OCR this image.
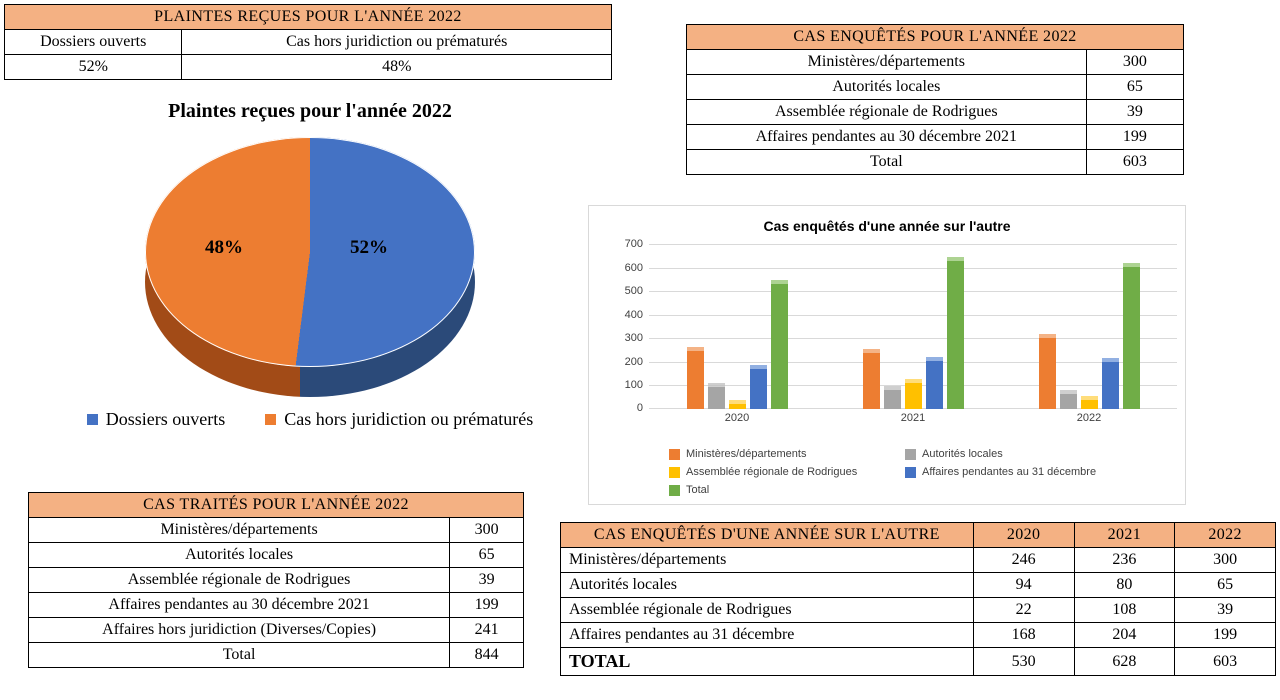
PLAINTES REÇUES POUR L'ANNÉE 2022	
Dossiers ouverts	Cas hors juridiction ou prématurés
52%	48%
Plaintes reçues pour l'année 2022
48%	52%
Dossiers ouverts	Cas hors juridiction ou prématurés
CAS ENQUÊTÉS POUR L'ANNÉE 2022	
Ministères/départements	300
Autorités locales	65
Assemblée régionale de Rodrigues	39
Affaires pendantes au 30 décembre 2021	199
Total	603
Cas enquêtés d'une année sur l'autre
0
100
200
300
400
500
600
700
2020	2021	2022
Ministères/départements	Autorités locales
Assemblée régionale de Rodrigues	Affaires pendantes au 31 décembre
Total
CAS TRAITÉS POUR L'ANNÉE 2022	
Ministères/départements	300
Autorités locales	65
Assemblée régionale de Rodrigues	39
Affaires pendantes au 30 décembre 2021	199
Affaires hors juridiction (Diverses/Copies)	241
Total	844
CAS ENQUÊTÉS D'UNE ANNÉE SUR L'AUTRE	2020	2021	2022
Ministères/départements	246	236	300
Autorités locales	94	80	65
Assemblée régionale de Rodrigues	22	108	39
Affaires pendantes au 31 décembre	168	204	199
TOTAL	530	628	603
